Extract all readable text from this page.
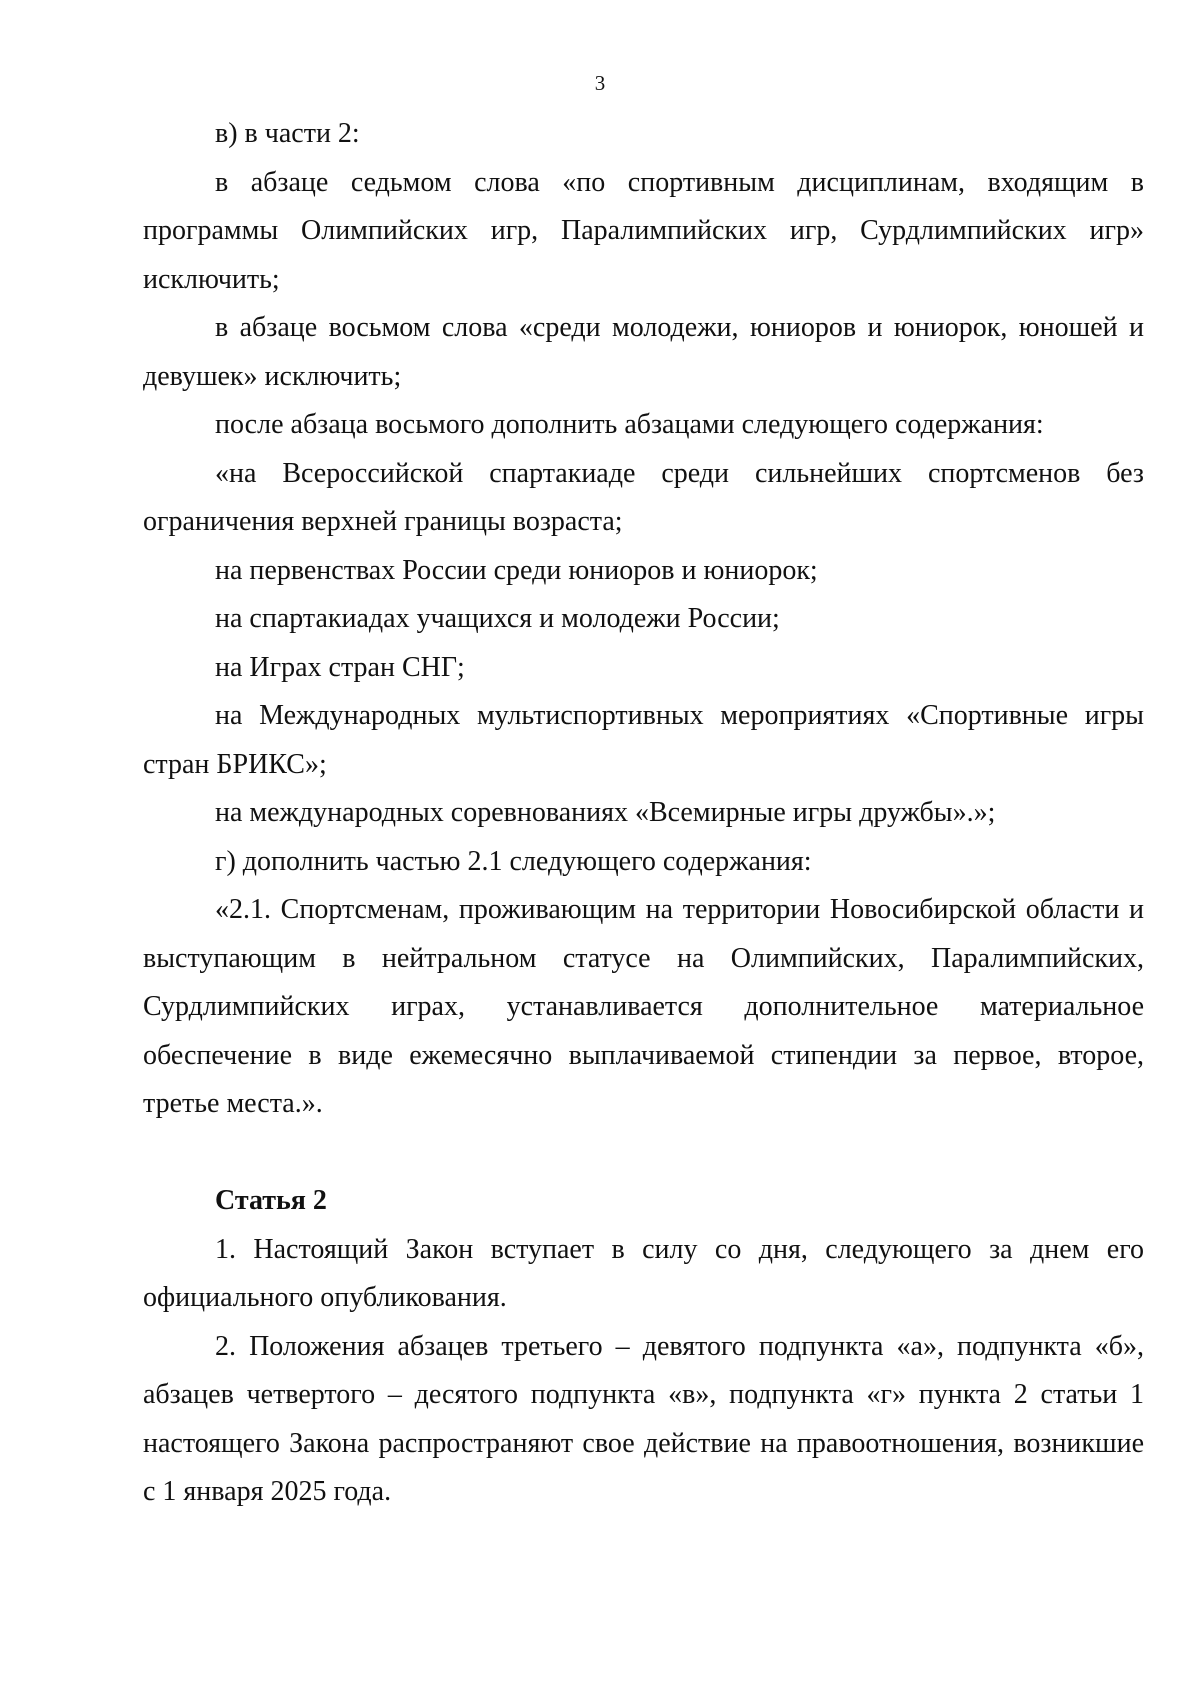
3

в) в части 2:

в абзаце седьмом слова «по спортивным дисциплинам, входящим в программы Олимпийских игр, Паралимпийских игр, Сурдлимпийских игр» исключить;

в абзаце восьмом слова «среди молодежи, юниоров и юниорок, юношей и девушек» исключить;

после абзаца восьмого дополнить абзацами следующего содержания:

«на Всероссийской спартакиаде среди сильнейших спортсменов без ограничения верхней границы возраста;

на первенствах России среди юниоров и юниорок;

на спартакиадах учащихся и молодежи России;

на Играх стран СНГ;

на Международных мультиспортивных мероприятиях «Спортивные игры стран БРИКС»;

на международных соревнованиях «Всемирные игры дружбы».»;

г) дополнить частью 2.1 следующего содержания:

«2.1. Спортсменам, проживающим на территории Новосибирской области и выступающим в нейтральном статусе на Олимпийских, Паралимпийских, Сурдлимпийских играх, устанавливается дополнительное материальное обеспечение в виде ежемесячно выплачиваемой стипендии за первое, второе, третье места.».

Статья 2

1. Настоящий Закон вступает в силу со дня, следующего за днем его официального опубликования.

2. Положения абзацев третьего – девятого подпункта «а», подпункта «б», абзацев четвертого – десятого подпункта «в», подпункта «г» пункта 2 статьи 1 настоящего Закона распространяют свое действие на правоотношения, возникшие с 1 января 2025 года.
